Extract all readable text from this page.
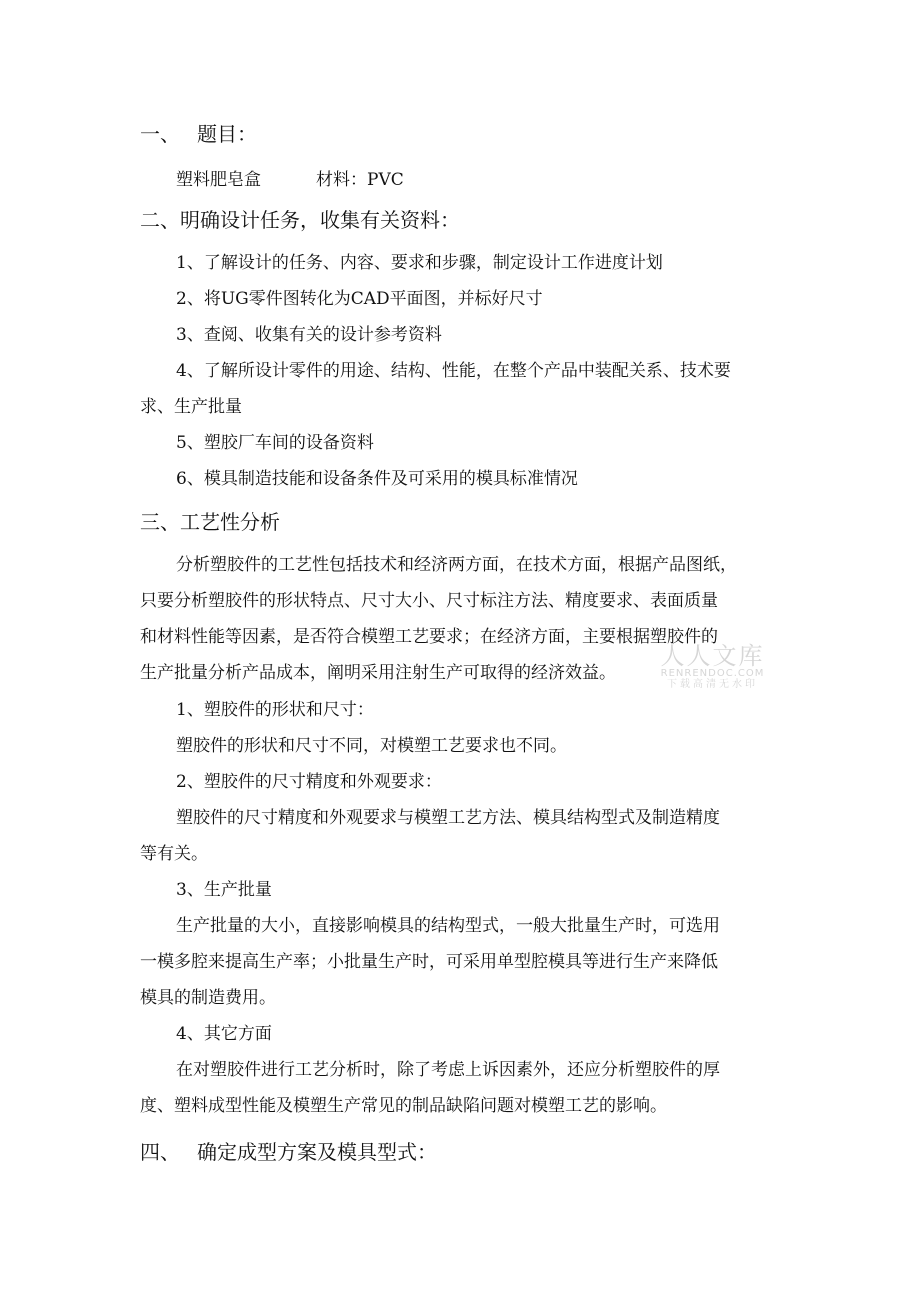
一、 题目：
塑料肥皂盒	材料：PVC
二、明确设计任务，收集有关资料：
1、了解设计的任务、内容、要求和步骤，制定设计工作进度计划
2、将UG零件图转化为CAD平面图，并标好尺寸
3、查阅、收集有关的设计参考资料
4、了解所设计零件的用途、结构、性能，在整个产品中装配关系、技术要
求、生产批量
5、塑胶厂车间的设备资料
6、模具制造技能和设备条件及可采用的模具标准情况
三、工艺性分析
分析塑胶件的工艺性包括技术和经济两方面，在技术方面，根据产品图纸，
只要分析塑胶件的形状特点、尺寸大小、尺寸标注方法、精度要求、表面质量
和材料性能等因素，是否符合模塑工艺要求；在经济方面，主要根据塑胶件的
生产批量分析产品成本，阐明采用注射生产可取得的经济效益。
1、塑胶件的形状和尺寸：
塑胶件的形状和尺寸不同，对模塑工艺要求也不同。
2、塑胶件的尺寸精度和外观要求：
塑胶件的尺寸精度和外观要求与模塑工艺方法、模具结构型式及制造精度
等有关。
3、生产批量
生产批量的大小，直接影响模具的结构型式，一般大批量生产时，可选用
一模多腔来提高生产率；小批量生产时，可采用单型腔模具等进行生产来降低
模具的制造费用。
4、其它方面
在对塑胶件进行工艺分析时，除了考虑上诉因素外，还应分析塑胶件的厚
度、塑料成型性能及模塑生产常见的制品缺陷问题对模塑工艺的影响。
四、 确定成型方案及模具型式：
人人文库
RENRENDOC.COM
下载高清无水印
